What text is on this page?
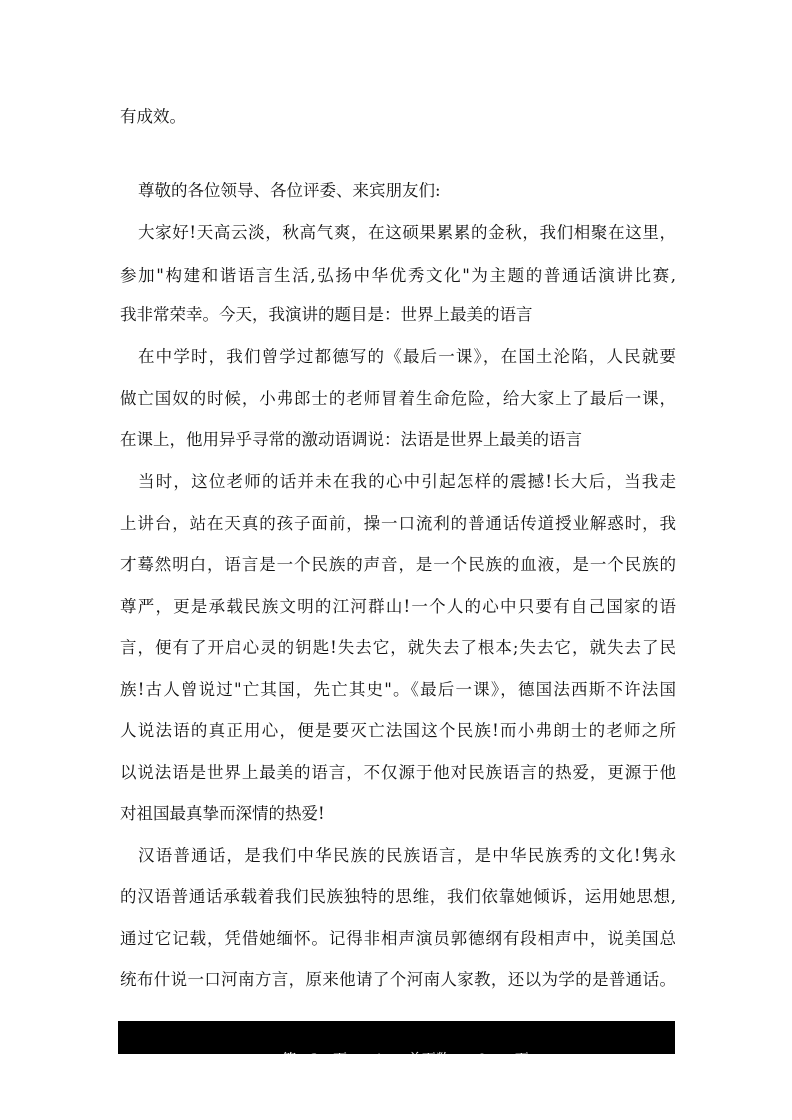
有成效。
尊敬的各位领导、各位评委、来宾朋友们:
大家好!天高云淡，秋高气爽，在这硕果累累的金秋，我们相聚在这里，
参加"构建和谐语言生活,弘扬中华优秀文化"为主题的普通话演讲比赛,
我非常荣幸。今天，我演讲的题目是：世界上最美的语言
在中学时，我们曾学过都德写的《最后一课》，在国土沦陷，人民就要
做亡国奴的时候，小弗郎士的老师冒着生命危险，给大家上了最后一课，
在课上，他用异乎寻常的激动语调说：法语是世界上最美的语言
当时，这位老师的话并未在我的心中引起怎样的震撼!长大后，当我走
上讲台，站在天真的孩子面前，操一口流利的普通话传道授业解惑时，我
才蓦然明白，语言是一个民族的声音，是一个民族的血液，是一个民族的
尊严，更是承载民族文明的江河群山!一个人的心中只要有自己国家的语
言，便有了开启心灵的钥匙!失去它，就失去了根本;失去它，就失去了民
族!古人曾说过"亡其国，先亡其史"。《最后一课》，德国法西斯不许法国
人说法语的真正用心，便是要灭亡法国这个民族!而小弗朗士的老师之所
以说法语是世界上最美的语言，不仅源于他对民族语言的热爱，更源于他
对祖国最真挚而深情的热爱!
汉语普通话，是我们中华民族的民族语言，是中华民族秀的文化!隽永
的汉语普通话承载着我们民族独特的思维，我们依靠她倾诉，运用她思想,
通过它记载，凭借她缅怀。记得非相声演员郭德纲有段相声中，说美国总
统布什说一口河南方言，原来他请了个河南人家教，还以为学的是普通话。

第 3 页 / 总页数 9 页
